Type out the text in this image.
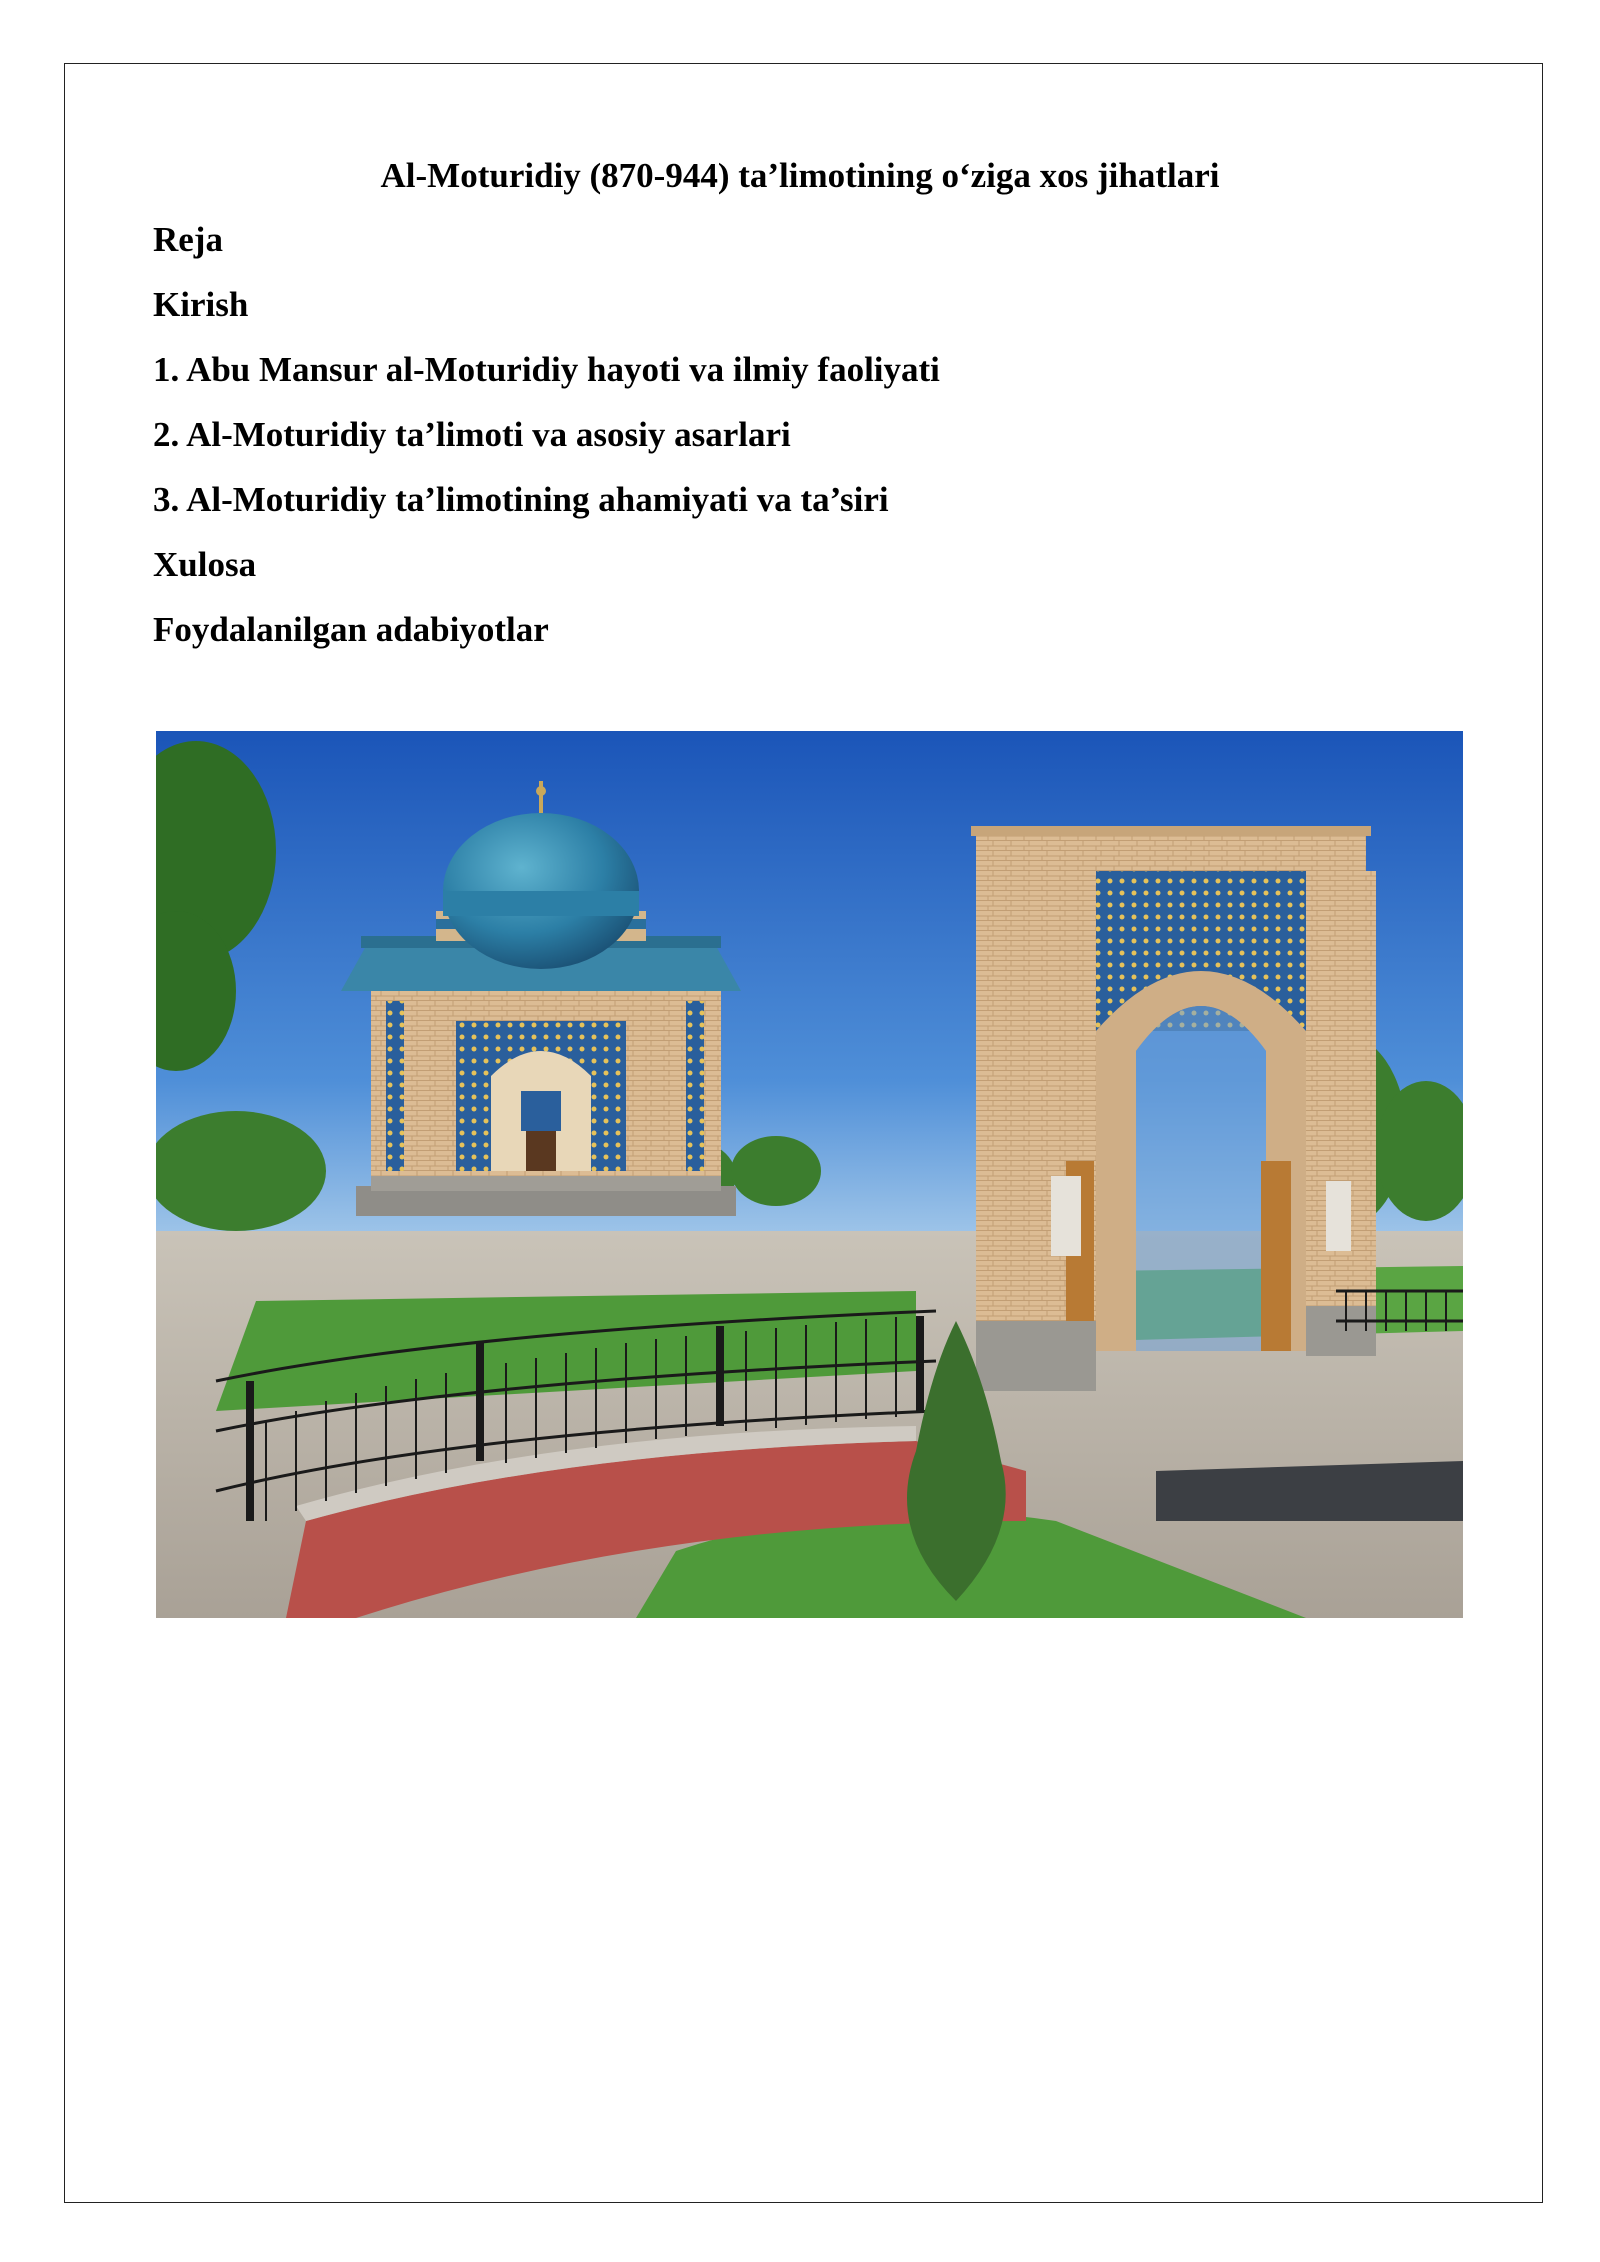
Al-Moturidiy (870-944) ta’limotining o‘ziga xos jihatlari
Reja
Kirish
1. Abu Mansur al-Moturidiy hayoti va ilmiy faoliyati
2. Al-Moturidiy ta’limoti va asosiy asarlari
3. Al-Moturidiy ta’limotining ahamiyati va ta’siri
Xulosa
Foydalanilgan adabiyotlar
